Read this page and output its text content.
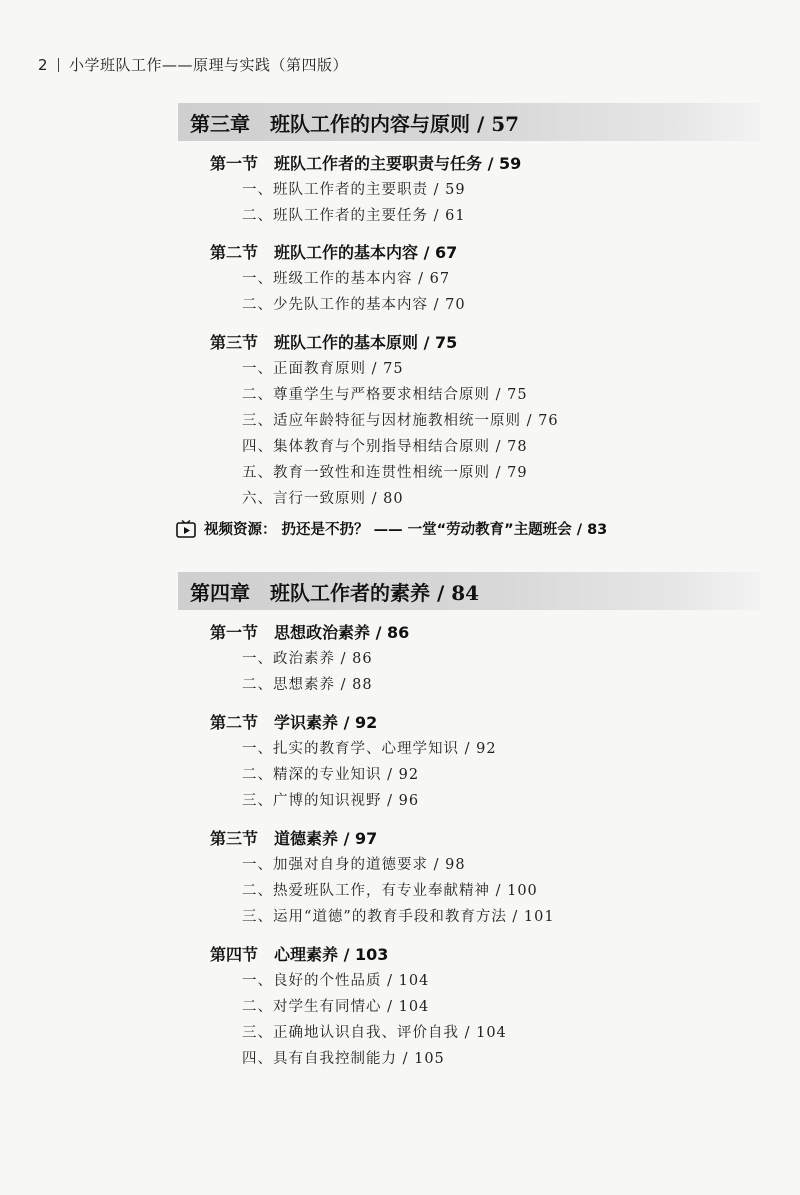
2 小学班队工作——原理与实践（第四版）
第三章　班队工作的内容与原则 / 57
第一节　班队工作者的主要职责与任务 / 59
一、班队工作者的主要职责 / 59
二、班队工作者的主要任务 / 61
第二节　班队工作的基本内容 / 67
一、班级工作的基本内容 / 67
二、少先队工作的基本内容 / 70
第三节　班队工作的基本原则 / 75
一、正面教育原则 / 75
二、尊重学生与严格要求相结合原则 / 75
三、适应年龄特征与因材施教相统一原则 / 76
四、集体教育与个别指导相结合原则 / 78
五、教育一致性和连贯性相统一原则 / 79
六、言行一致原则 / 80
视频资源： 扔还是不扔？ —— 一堂“劳动教育”主题班会 / 83
第四章　班队工作者的素养 / 84
第一节　思想政治素养 / 86
一、政治素养 / 86
二、思想素养 / 88
第二节　学识素养 / 92
一、扎实的教育学、心理学知识 / 92
二、精深的专业知识 / 92
三、广博的知识视野 / 96
第三节　道德素养 / 97
一、加强对自身的道德要求 / 98
二、热爱班队工作，有专业奉献精神 / 100
三、运用“道德”的教育手段和教育方法 / 101
第四节　心理素养 / 103
一、良好的个性品质 / 104
二、对学生有同情心 / 104
三、正确地认识自我、评价自我 / 104
四、具有自我控制能力 / 105
